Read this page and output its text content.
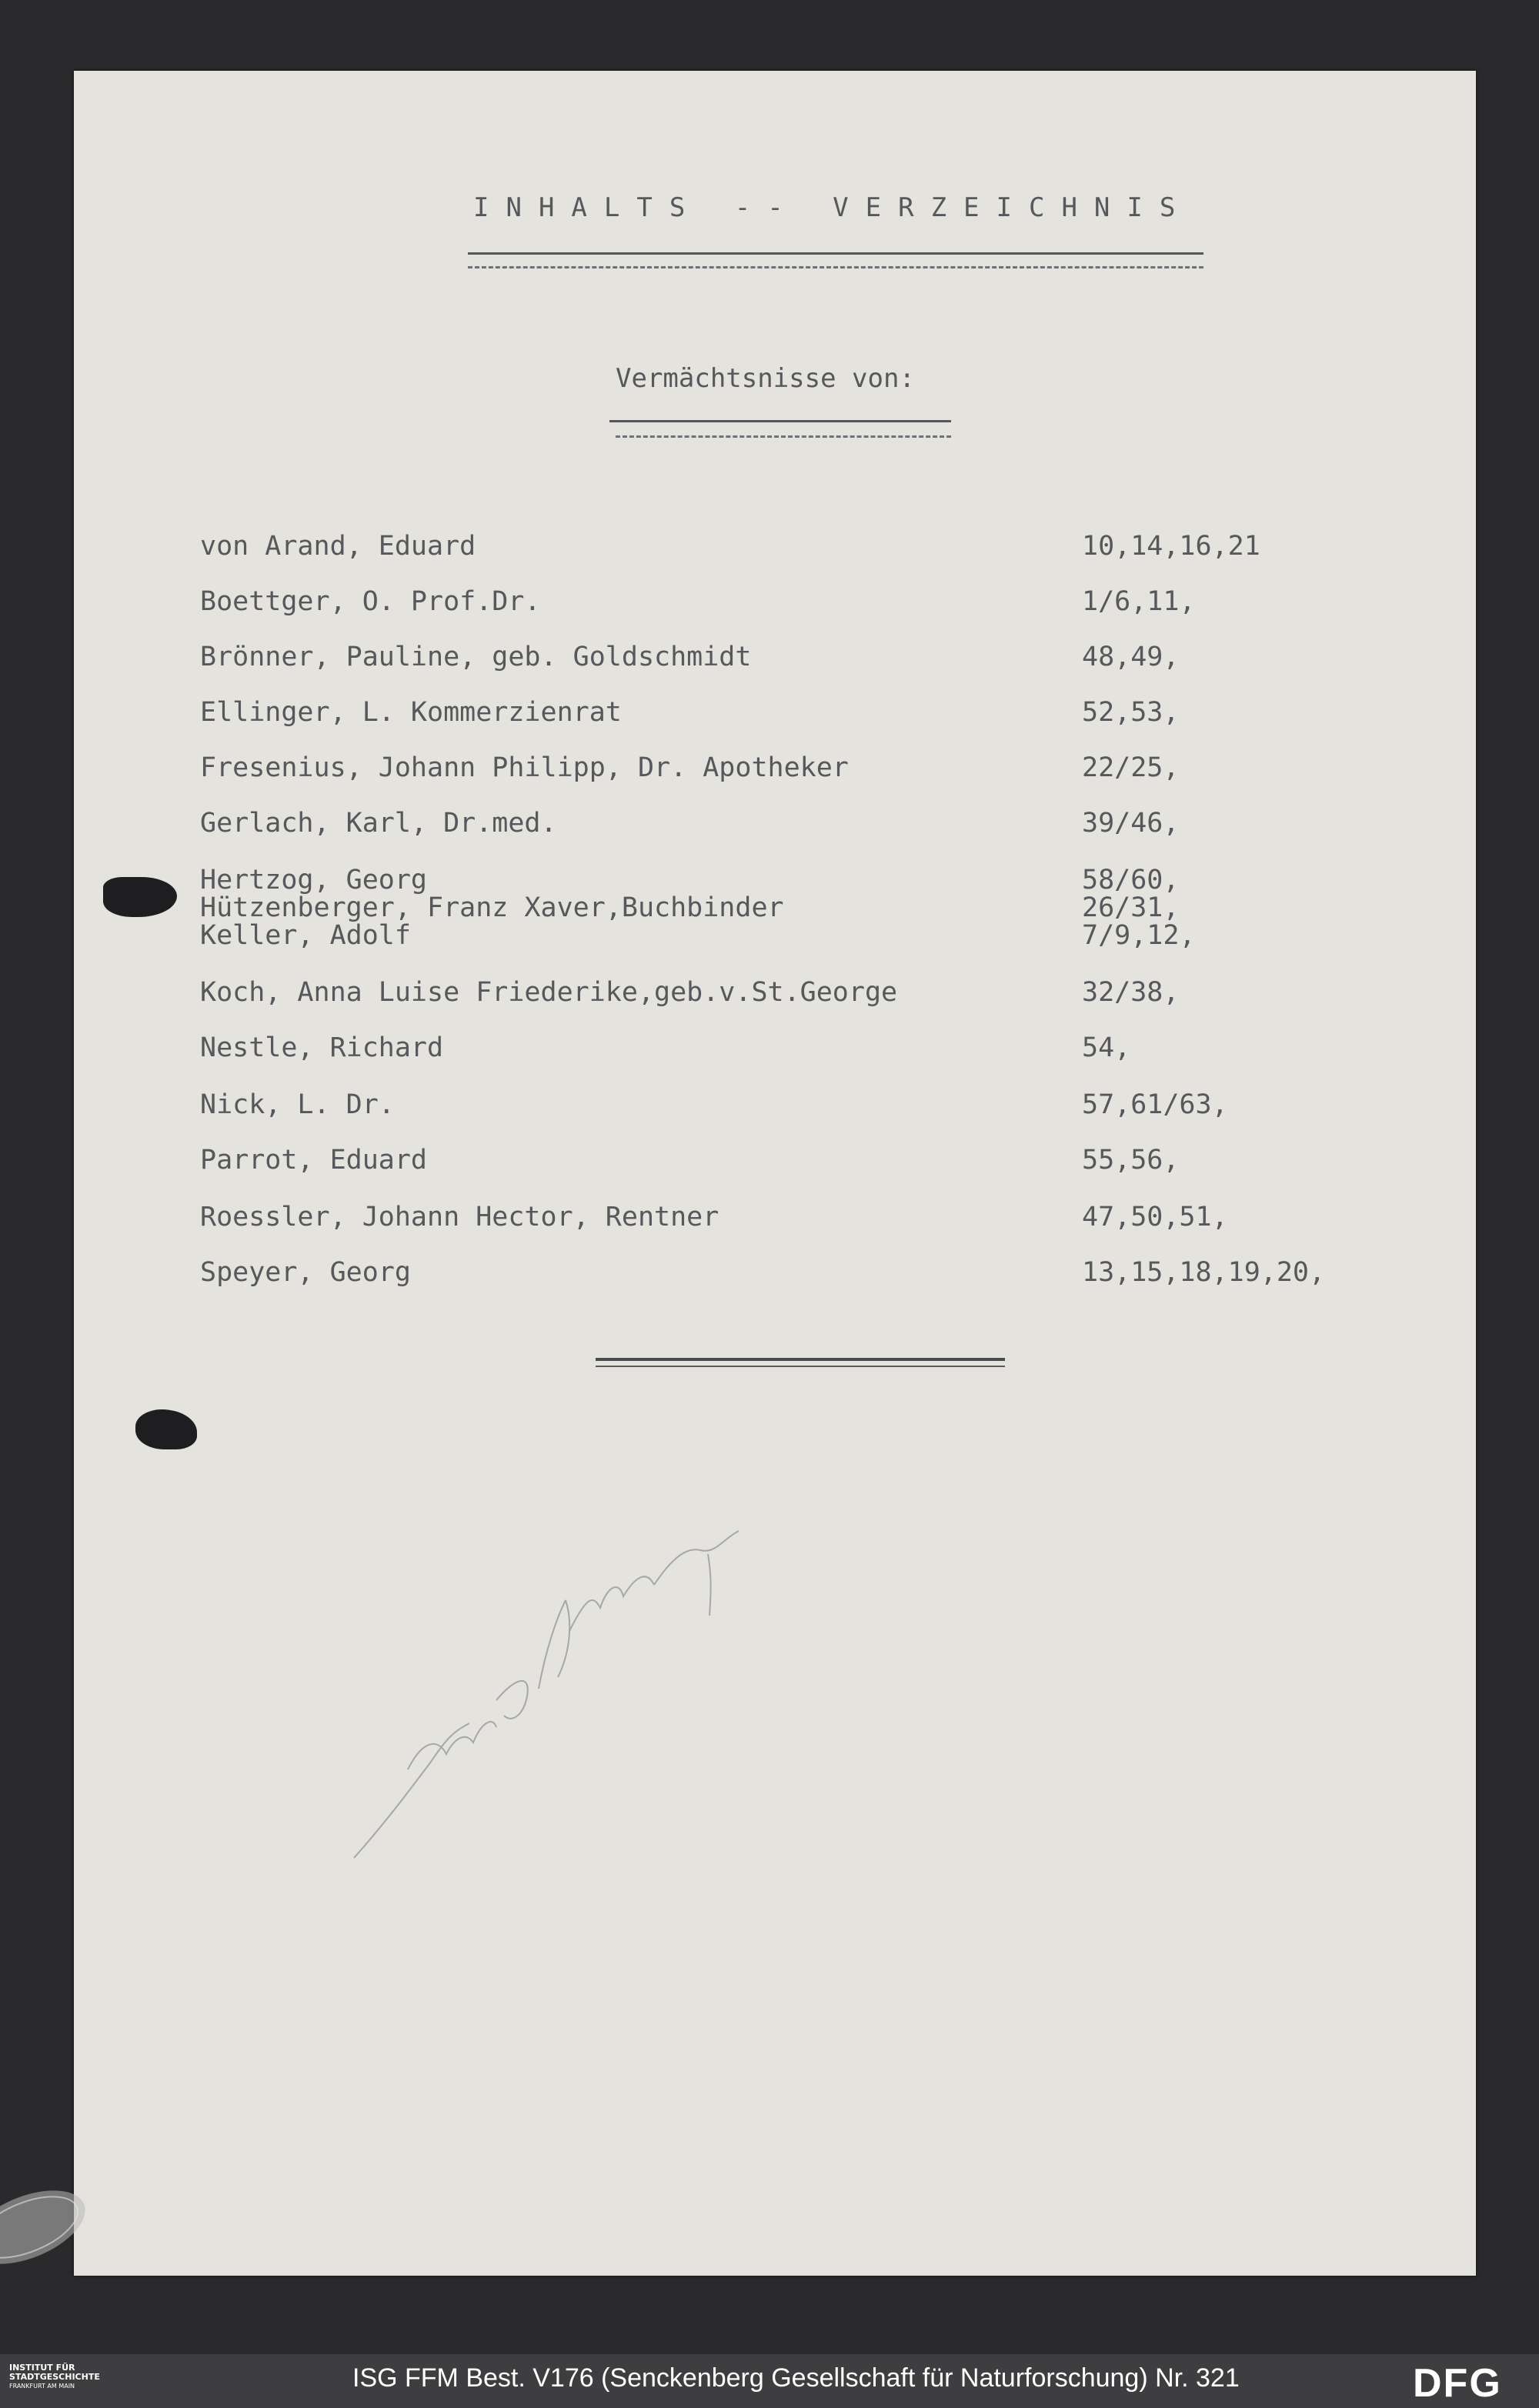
INHALTS -- VERZEICHNIS
Vermächtsnisse von:
von Arand, Eduard	10,14,16,21
Boettger, O. Prof.Dr.	1/6,11,
Brönner, Pauline, geb. Goldschmidt	48,49,
Ellinger, L. Kommerzienrat	52,53,
Fresenius, Johann Philipp, Dr. Apotheker	22/25,
Gerlach, Karl, Dr.med.	39/46,
Hertzog, Georg	58/60,
Hützenberger, Franz Xaver,Buchbinder	26/31,
Keller, Adolf	7/9,12,
Koch, Anna Luise Friederike,geb.v.St.George	32/38,
Nestle, Richard	54,
Nick, L. Dr.	57,61/63,
Parrot, Eduard	55,56,
Roessler, Johann Hector, Rentner	47,50,51,
Speyer, Georg	13,15,18,19,20,
INSTITUT FÜR
STADTGESCHICHTE
FRANKFURT AM MAIN	ISG FFM Best. V176 (Senckenberg Gesellschaft für Naturforschung) Nr. 321	DFG
